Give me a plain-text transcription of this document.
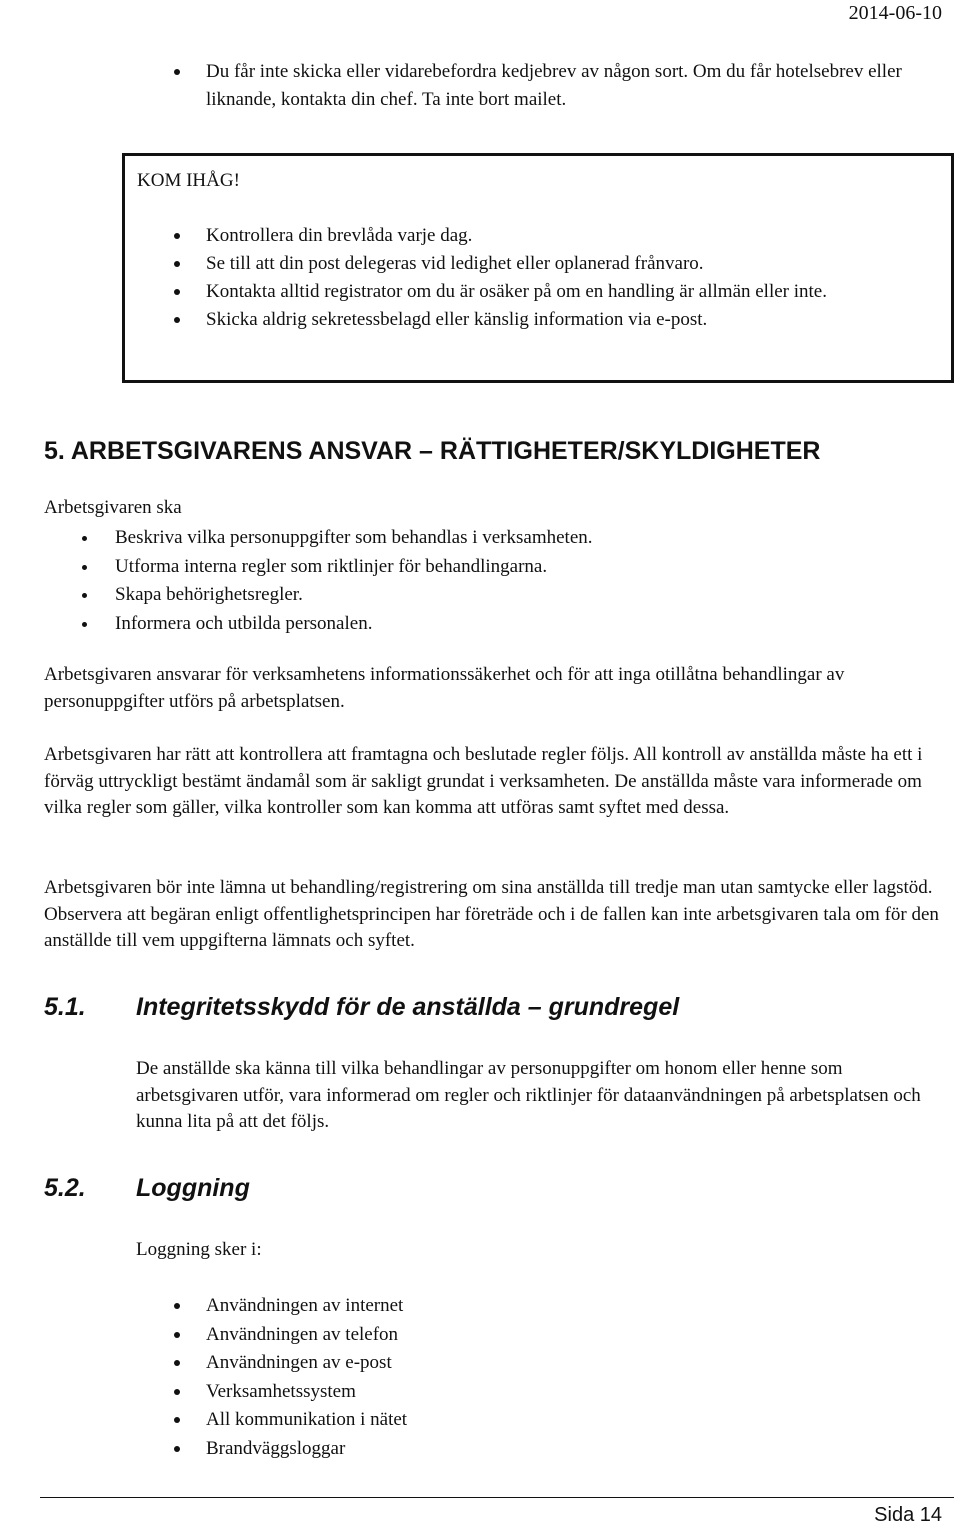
2014-06-10
Du får inte skicka eller vidarebefordra kedjebrev av någon sort. Om du får hotelsebrev eller liknande, kontakta din chef. Ta inte bort mailet.
KOM IHÅG!
Kontrollera din brevlåda varje dag.
Se till att din post delegeras vid ledighet eller oplanerad frånvaro.
Kontakta alltid registrator om du är osäker på om en handling är allmän eller inte.
Skicka aldrig sekretessbelagd eller känslig information via e-post.
5. ARBETSGIVARENS ANSVAR – RÄTTIGHETER/SKYLDIGHETER
Arbetsgivaren ska
Beskriva vilka personuppgifter som behandlas i verksamheten.
Utforma interna regler som riktlinjer för behandlingarna.
Skapa behörighetsregler.
Informera och utbilda personalen.
Arbetsgivaren ansvarar för verksamhetens informationssäkerhet och för att inga otillåtna behandlingar av personuppgifter utförs på arbetsplatsen.
Arbetsgivaren har rätt att kontrollera att framtagna och beslutade regler följs. All kontroll av anställda måste ha ett i förväg uttryckligt bestämt ändamål som är sakligt grundat i verksamheten. De anställda måste vara informerade om vilka regler som gäller, vilka kontroller som kan komma att utföras samt syftet med dessa.
Arbetsgivaren bör inte lämna ut behandling/registrering om sina anställda till tredje man utan samtycke eller lagstöd. Observera att begäran enligt offentlighetsprincipen har företräde och i de fallen kan inte arbetsgivaren tala om för den anställde till vem uppgifterna lämnats och syftet.
5.1. Integritetsskydd för de anställda – grundregel
De anställde ska känna till vilka behandlingar av personuppgifter om honom eller henne som arbetsgivaren utför, vara informerad om regler och riktlinjer för dataanvändningen på arbetsplatsen och kunna lita på att det följs.
5.2. Loggning
Loggning sker i:
Användningen av internet
Användningen av telefon
Användningen av e-post
Verksamhetssystem
All kommunikation i nätet
Brandväggsloggar
Sida 14
